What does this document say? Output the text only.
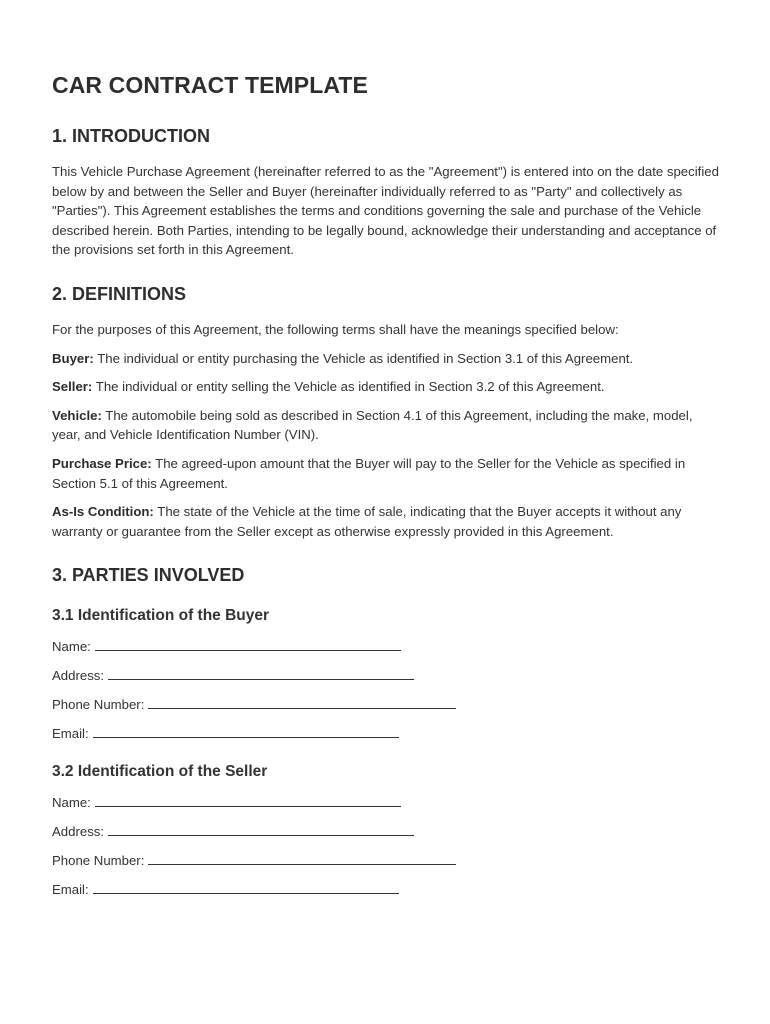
CAR CONTRACT TEMPLATE
1. INTRODUCTION
This Vehicle Purchase Agreement (hereinafter referred to as the "Agreement") is entered into on the date specified below by and between the Seller and Buyer (hereinafter individually referred to as "Party" and collectively as "Parties"). This Agreement establishes the terms and conditions governing the sale and purchase of the Vehicle described herein. Both Parties, intending to be legally bound, acknowledge their understanding and acceptance of the provisions set forth in this Agreement.
2. DEFINITIONS
For the purposes of this Agreement, the following terms shall have the meanings specified below:
Buyer: The individual or entity purchasing the Vehicle as identified in Section 3.1 of this Agreement.
Seller: The individual or entity selling the Vehicle as identified in Section 3.2 of this Agreement.
Vehicle: The automobile being sold as described in Section 4.1 of this Agreement, including the make, model, year, and Vehicle Identification Number (VIN).
Purchase Price: The agreed-upon amount that the Buyer will pay to the Seller for the Vehicle as specified in Section 5.1 of this Agreement.
As-Is Condition: The state of the Vehicle at the time of sale, indicating that the Buyer accepts it without any warranty or guarantee from the Seller except as otherwise expressly provided in this Agreement.
3. PARTIES INVOLVED
3.1 Identification of the Buyer
Name:
Address:
Phone Number:
Email:
3.2 Identification of the Seller
Name:
Address:
Phone Number:
Email:
